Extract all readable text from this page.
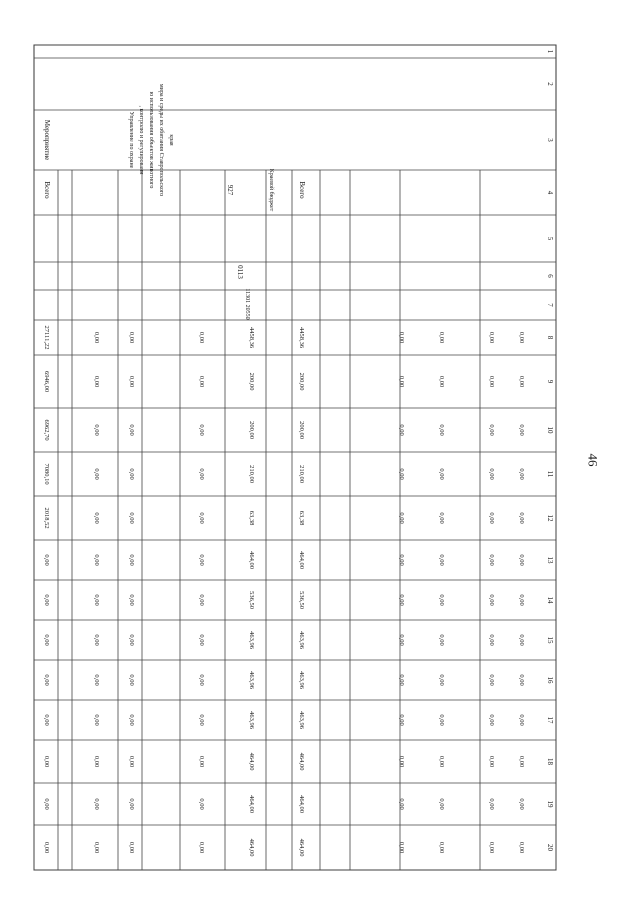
1
2
3
4
5
6
7
8
9
10
11
12
13
14
15
16
17
18
19
20
Управление по охране , контролю и регулировани ю использования объектов животного мира и среды их обитания Ставропольского края
927
0113
11301 20550
Всего
Краевой бюджет
Мероприятие
Всего
0,00
0,00
0,00
0,00
0,00
0,00
0,00
0,00
0,00
0,00
0,00
0,00
0,00
0,00
0,00
0,00
0,00
0,00
0,00
0,00
0,00
0,00
0,00
0,00
0,00
0,00
0,00
0,00
0,00
0,00
0,00
0,00
0,00
0,00
0,00
0,00
0,00
0,00
0,00
0,00
0,00
0,00
0,00
0,00
0,00
0,00
0,00
0,00
0,00
0,00
0,00
0,00
4458,36
200,00
200,00
210,00
63,38
464,00
536,50
463,96
463,96
463,96
464,00
464,00
464,00
4458,36
200,00
200,00
210,00
63,38
464,00
536,50
463,96
463,96
463,96
464,00
464,00
464,00
0,00
0,00
0,00
0,00
0,00
0,00
0,00
0,00
0,00
0,00
0,00
0,00
0,00
0,00
0,00
0,00
0,00
0,00
0,00
0,00
0,00
0,00
0,00
0,00
0,00
0,00
0,00
0,00
0,00
0,00
0,00
0,00
0,00
0,00
0,00
0,00
0,00
0,00
0,00
27111,22
6946,00
6962,70
7080,10
2018,52
0,00
0,00
0,00
0,00
0,00
0,00
0,00
0,00
46
